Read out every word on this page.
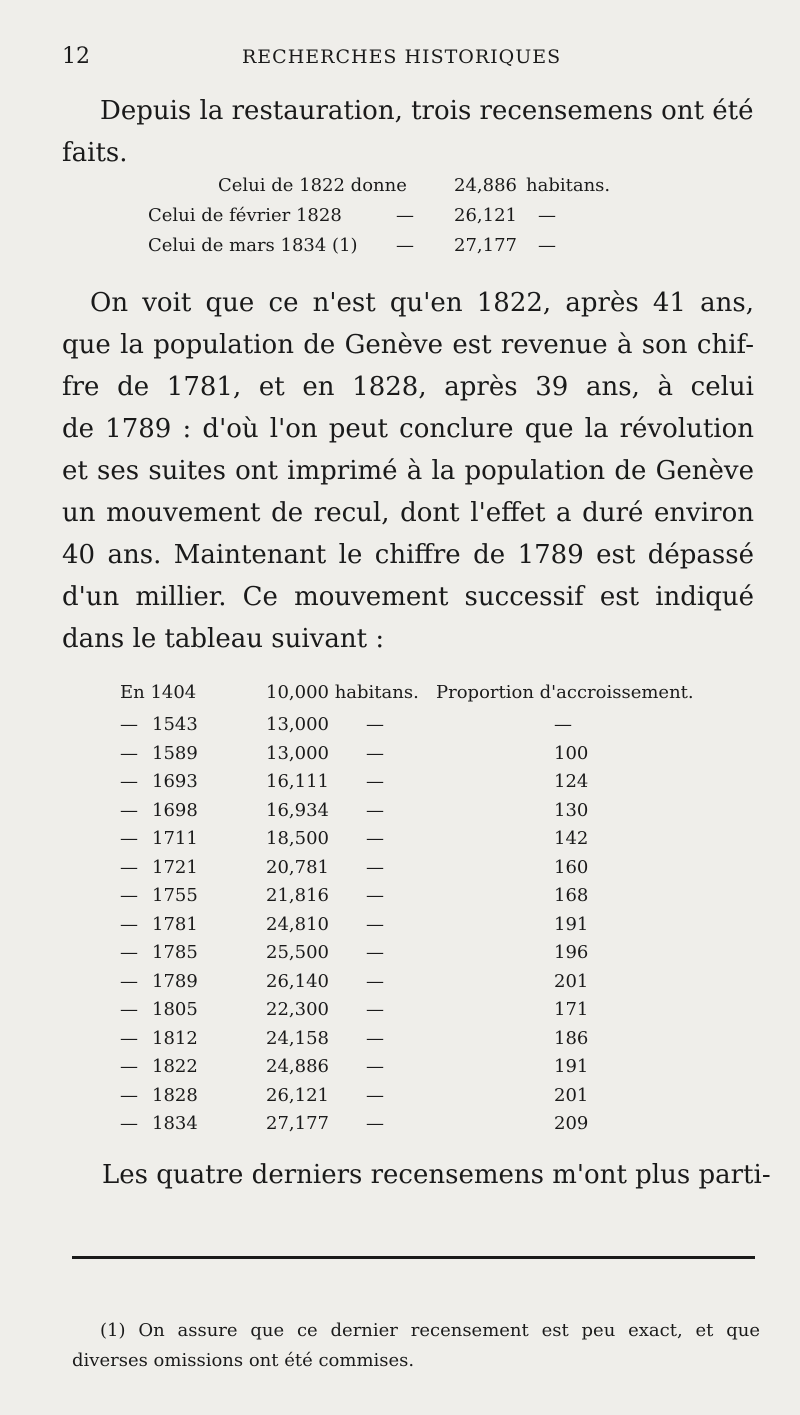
12	RECHERCHES HISTORIQUES
Depuis la restauration, trois recensemens ont été
faits.
Celui de 1822 donne	24,886 habitans.
Celui de février 1828	— 26,121 —
Celui de mars 1834 (1) — 27,177 —
On voit que ce n'est qu'en 1822, après 41 ans,
que la population de Genève est revenue à son chif-
fre de 1781, et en 1828, après 39 ans, à celui
de 1789 : d'où l'on peut conclure que la révolution
et ses suites ont imprimé à la population de Genève
un mouvement de recul, dont l'effet a duré environ
40 ans. Maintenant le chiffre de 1789 est dépassé
d'un millier. Ce mouvement successif est indiqué
dans le tableau suivant :
En 1404	10,000 habitans. Proportion d'accroissement.
— 1543	13,000 —	—
— 1589	13,000 —	100
— 1693	16,111 —	124
— 1698	16,934 —	130
— 1711	18,500 —	142
— 1721	20,781 —	160
— 1755	21,816 —	168
— 1781	24,810 —	191
— 1785	25,500 —	196
— 1789	26,140 —	201
— 1805	22,300 —	171
— 1812	24,158 —	186
— 1822	24,886 —	191
— 1828	26,121 —	201
— 1834	27,177 —	209
Les quatre derniers recensemens m'ont plus parti-
(1) On assure que ce dernier recensement est peu exact, et que
diverses omissions ont été commises.
